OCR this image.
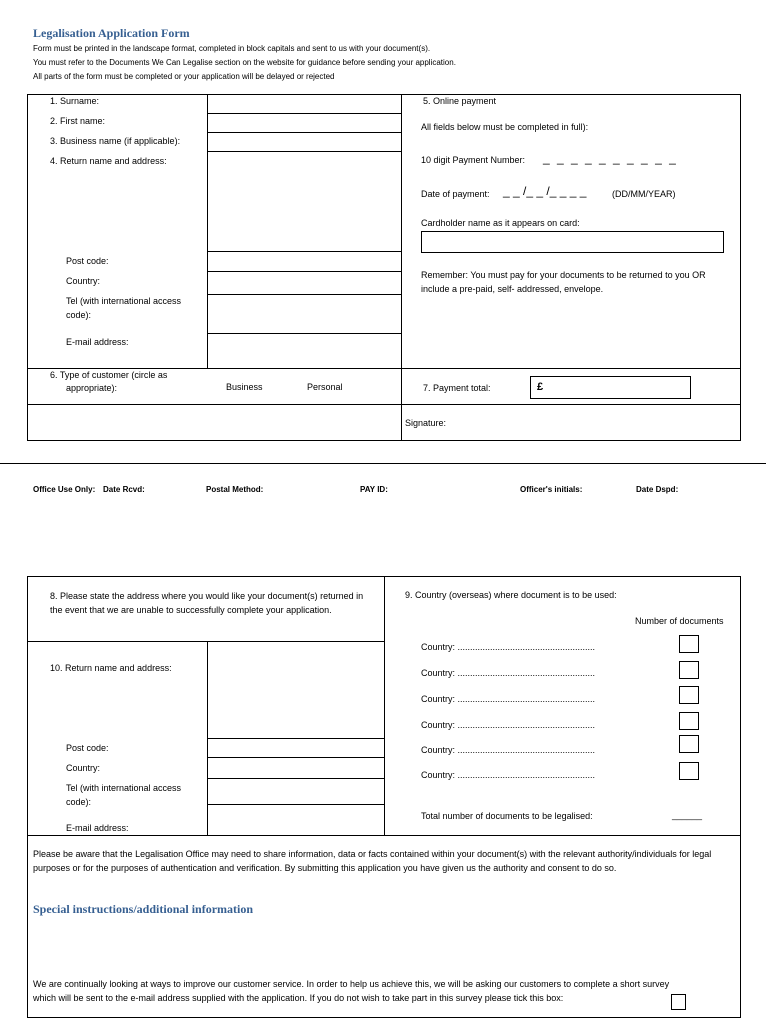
Legalisation Application Form
Form must be printed in the landscape format, completed in block capitals and sent to us with your document(s).
You must refer to the Documents We Can Legalise section on the website for guidance before sending your application.
All parts of the form must be completed or your application will be delayed or rejected
1. Surname:
2. First name:
3. Business name (if applicable):
4. Return name and address:
Post code:
Country:
Tel (with international access
code):
E-mail address:
6. Type of customer (circle as
appropriate):	Business	Personal
5. Online payment
All fields below must be completed in full):
10 digit Payment Number: _ _ _ _ _ _ _ _ _ _
Date of payment: _ _ /_ _ /_ _ _ _	(DD/MM/YEAR)
Cardholder name as it appears on card:
Remember: You must pay for your documents to be returned to you OR include a pre-paid, self- addressed, envelope.
7. Payment total:	£
Signature:
Office Use Only: Date Rcvd:	Postal Method:	PAY ID:	Officer's initials:	Date Dspd:
8. Please state the address where you would like your document(s) returned in the event that we are unable to successfully complete your application.
10. Return name and address:
Post code:
Country:
Tel (with international access
code):
E-mail address:
9. Country (overseas) where document is to be used:
Number of documents
Country: .......................................................
Country: .......................................................
Country: .......................................................
Country: .......................................................
Country: .......................................................
Country: .......................................................
Total number of documents to be legalised:	______
Please be aware that the Legalisation Office may need to share information, data or facts contained within your document(s) with the relevant authority/individuals for legal purposes or for the purposes of authentication and verification. By submitting this application you have given us the authority and consent to do so.
Special instructions/additional information
We are continually looking at ways to improve our customer service. In order to help us achieve this, we will be asking our customers to complete a short survey which will be sent to the e-mail address supplied with the application. If you do not wish to take part in this survey please tick this box:
